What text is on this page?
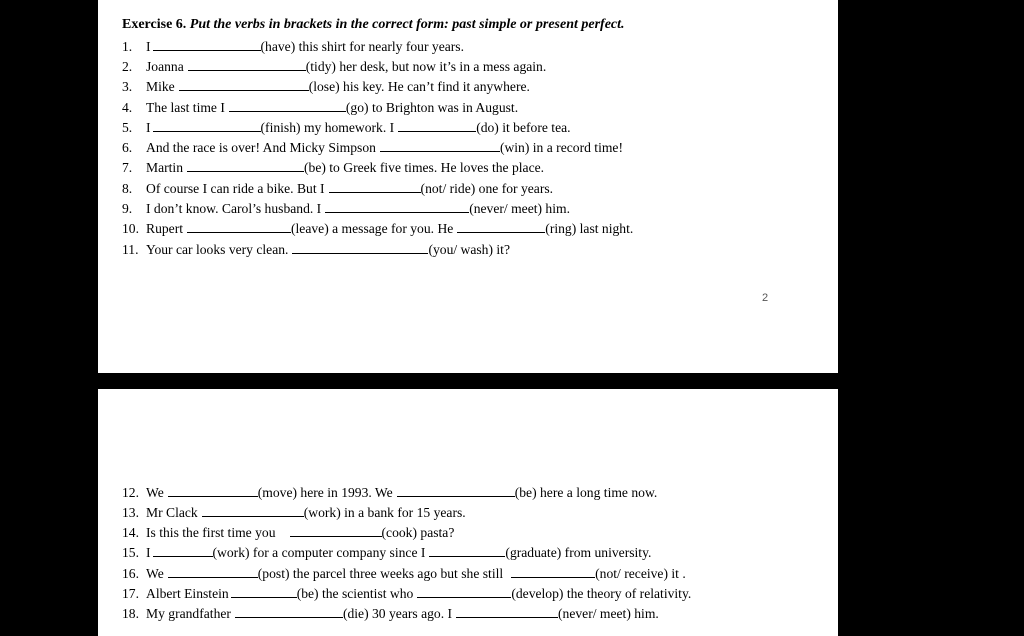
Exercise 6. Put the verbs in brackets in the correct form: past simple or present perfect.
1. I	(have) this shirt for nearly four years.
2. Joanna	(tidy) her desk, but now it’s in a mess again.
3. Mike	(lose) his key. He can’t find it anywhere.
4. The last time I	(go) to Brighton was in August.
5. I	(finish) my homework. I	(do) it before tea.
6. And the race is over! And Micky Simpson	(win) in a record time!
7. Martin	(be) to Greek five times. He loves the place.
8. Of course I can ride a bike. But I	(not/ ride) one for years.
9. I don’t know. Carol’s husband. I	(never/ meet) him.
10. Rupert	(leave) a message for you. He	(ring) last night.
11. Your car looks very clean.	(you/ wash) it?
2
12. We	(move) here in 1993. We	(be) here a long time now.
13. Mr Clack	(work) in a bank for 15 years.
14. Is this the first time you	(cook) pasta?
15. I	(work) for a computer company since I	(graduate) from university.
16. We	(post) the parcel three weeks ago but she still	(not/ receive) it .
17. Albert Einstein	(be) the scientist who	(develop) the theory of relativity.
18. My grandfather	(die) 30 years ago. I	(never/ meet) him.
